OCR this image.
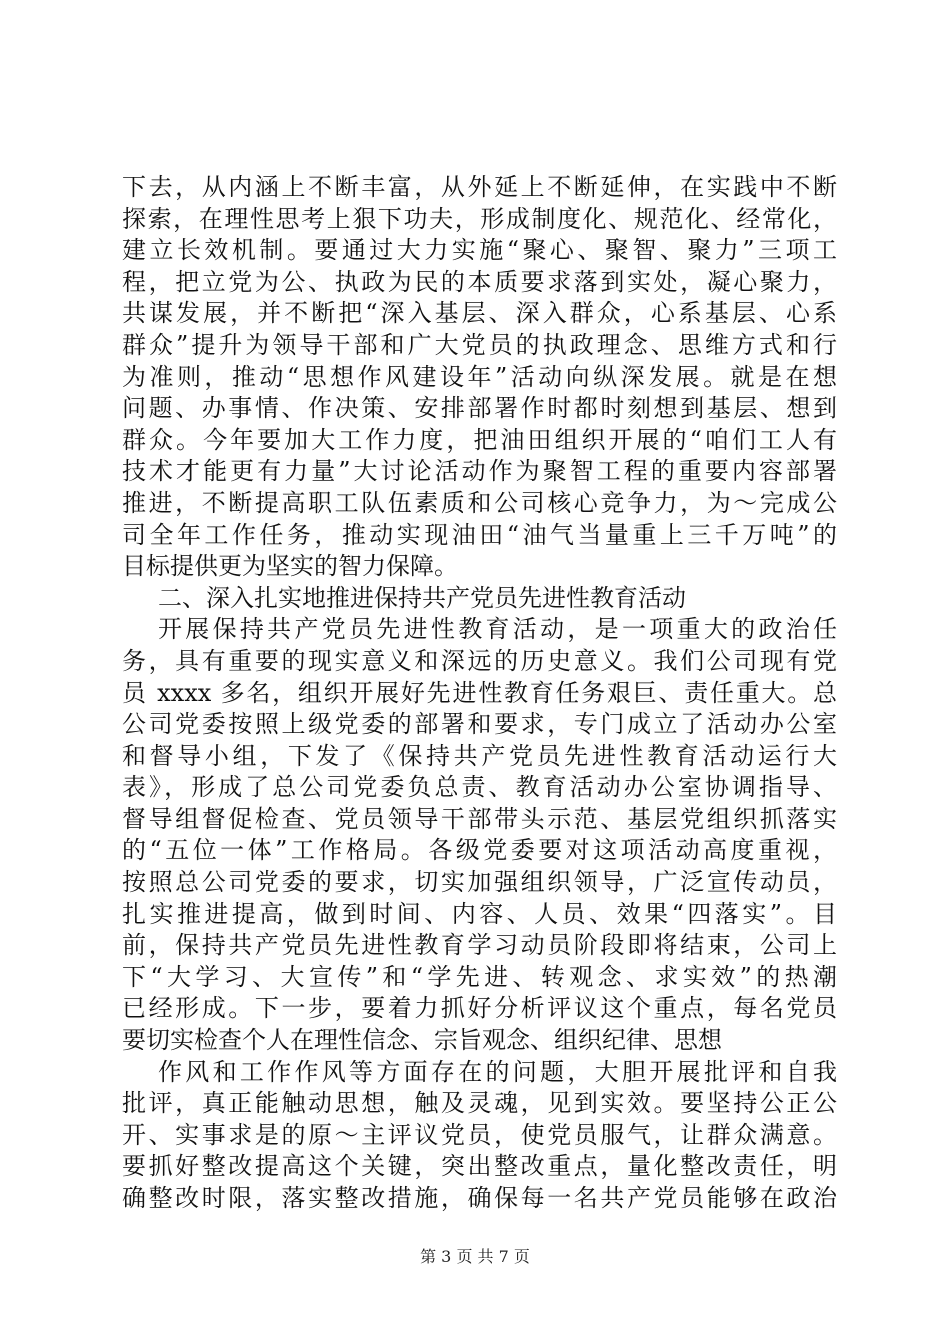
下去，从内涵上不断丰富，从外延上不断延伸，在实践中不断
探索，在理性思考上狠下功夫，形成制度化、规范化、经常化，
建立长效机制。要通过大力实施“聚心、聚智、聚力”三项工
程，把立党为公、执政为民的本质要求落到实处，凝心聚力，
共谋发展，并不断把“深入基层、深入群众，心系基层、心系
群众”提升为领导干部和广大党员的执政理念、思维方式和行
为准则，推动“思想作风建设年”活动向纵深发展。就是在想
问题、办事情、作决策、安排部署作时都时刻想到基层、想到
群众。今年要加大工作力度，把油田组织开展的“咱们工人有
技术才能更有力量”大讨论活动作为聚智工程的重要内容部署
推进，不断提高职工队伍素质和公司核心竞争力，为～完成公
司全年工作任务，推动实现油田“油气当量重上三千万吨”的
目标提供更为坚实的智力保障。
二、深入扎实地推进保持共产党员先进性教育活动
开展保持共产党员先进性教育活动，是一项重大的政治任
务，具有重要的现实意义和深远的历史意义。我们公司现有党
员 xxxx 多名，组织开展好先进性教育任务艰巨、责任重大。总
公司党委按照上级党委的部署和要求，专门成立了活动办公室
和督导小组，下发了《保持共产党员先进性教育活动运行大
表》，形成了总公司党委负总责、教育活动办公室协调指导、
督导组督促检查、党员领导干部带头示范、基层党组织抓落实
的“五位一体”工作格局。各级党委要对这项活动高度重视，
按照总公司党委的要求，切实加强组织领导，广泛宣传动员，
扎实推进提高，做到时间、内容、人员、效果“四落实”。目
前，保持共产党员先进性教育学习动员阶段即将结束，公司上
下“大学习、大宣传”和“学先进、转观念、求实效”的热潮
已经形成。下一步，要着力抓好分析评议这个重点，每名党员
要切实检查个人在理性信念、宗旨观念、组织纪律、思想
作风和工作作风等方面存在的问题，大胆开展批评和自我
批评，真正能触动思想，触及灵魂，见到实效。要坚持公正公
开、实事求是的原～主评议党员，使党员服气，让群众满意。
要抓好整改提高这个关键，突出整改重点，量化整改责任，明
确整改时限，落实整改措施，确保每一名共产党员能够在政治
第 3 页 共 7 页
